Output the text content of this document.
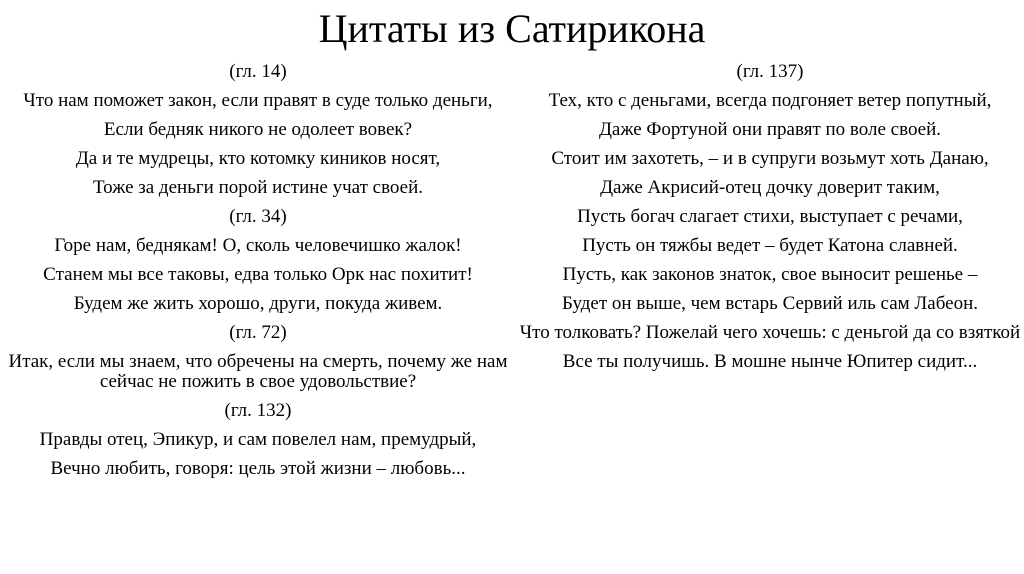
Цитаты из Сатирикона

(гл. 14)

Что нам поможет закон, если правят в суде только деньги,

Если бедняк никого не одолеет вовек?

Да и те мудрецы, кто котомку киников носят,

Тоже за деньги порой истине учат своей.

(гл. 34)

Горе нам, беднякам! О, сколь человечишко жалок!

Станем мы все таковы, едва только Орк нас похитит!

Будем же жить хорошо, други, покуда живем.

(гл. 72)

Итак, если мы знаем, что обречены на смерть, почему же нам сейчас не пожить в свое удовольствие?

(гл. 132)

Правды отец, Эпикур, и сам повелел нам, премудрый,

Вечно любить, говоря: цель этой жизни – любовь...

(гл. 137)

Тех, кто с деньгами, всегда подгоняет ветер попутный,

Даже Фортуной они правят по воле своей.

Стоит им захотеть, – и в супруги возьмут хоть Данаю,

Даже Акрисий-отец дочку доверит таким,

Пусть богач слагает стихи, выступает с речами,

Пусть он тяжбы ведет – будет Катона славней.

Пусть, как законов знаток, свое выносит решенье –

Будет он выше, чем встарь Сервий иль сам Лабеон.

Что толковать? Пожелай чего хочешь: с деньгой да со взяткой

Все ты получишь. В мошне нынче Юпитер сидит...
